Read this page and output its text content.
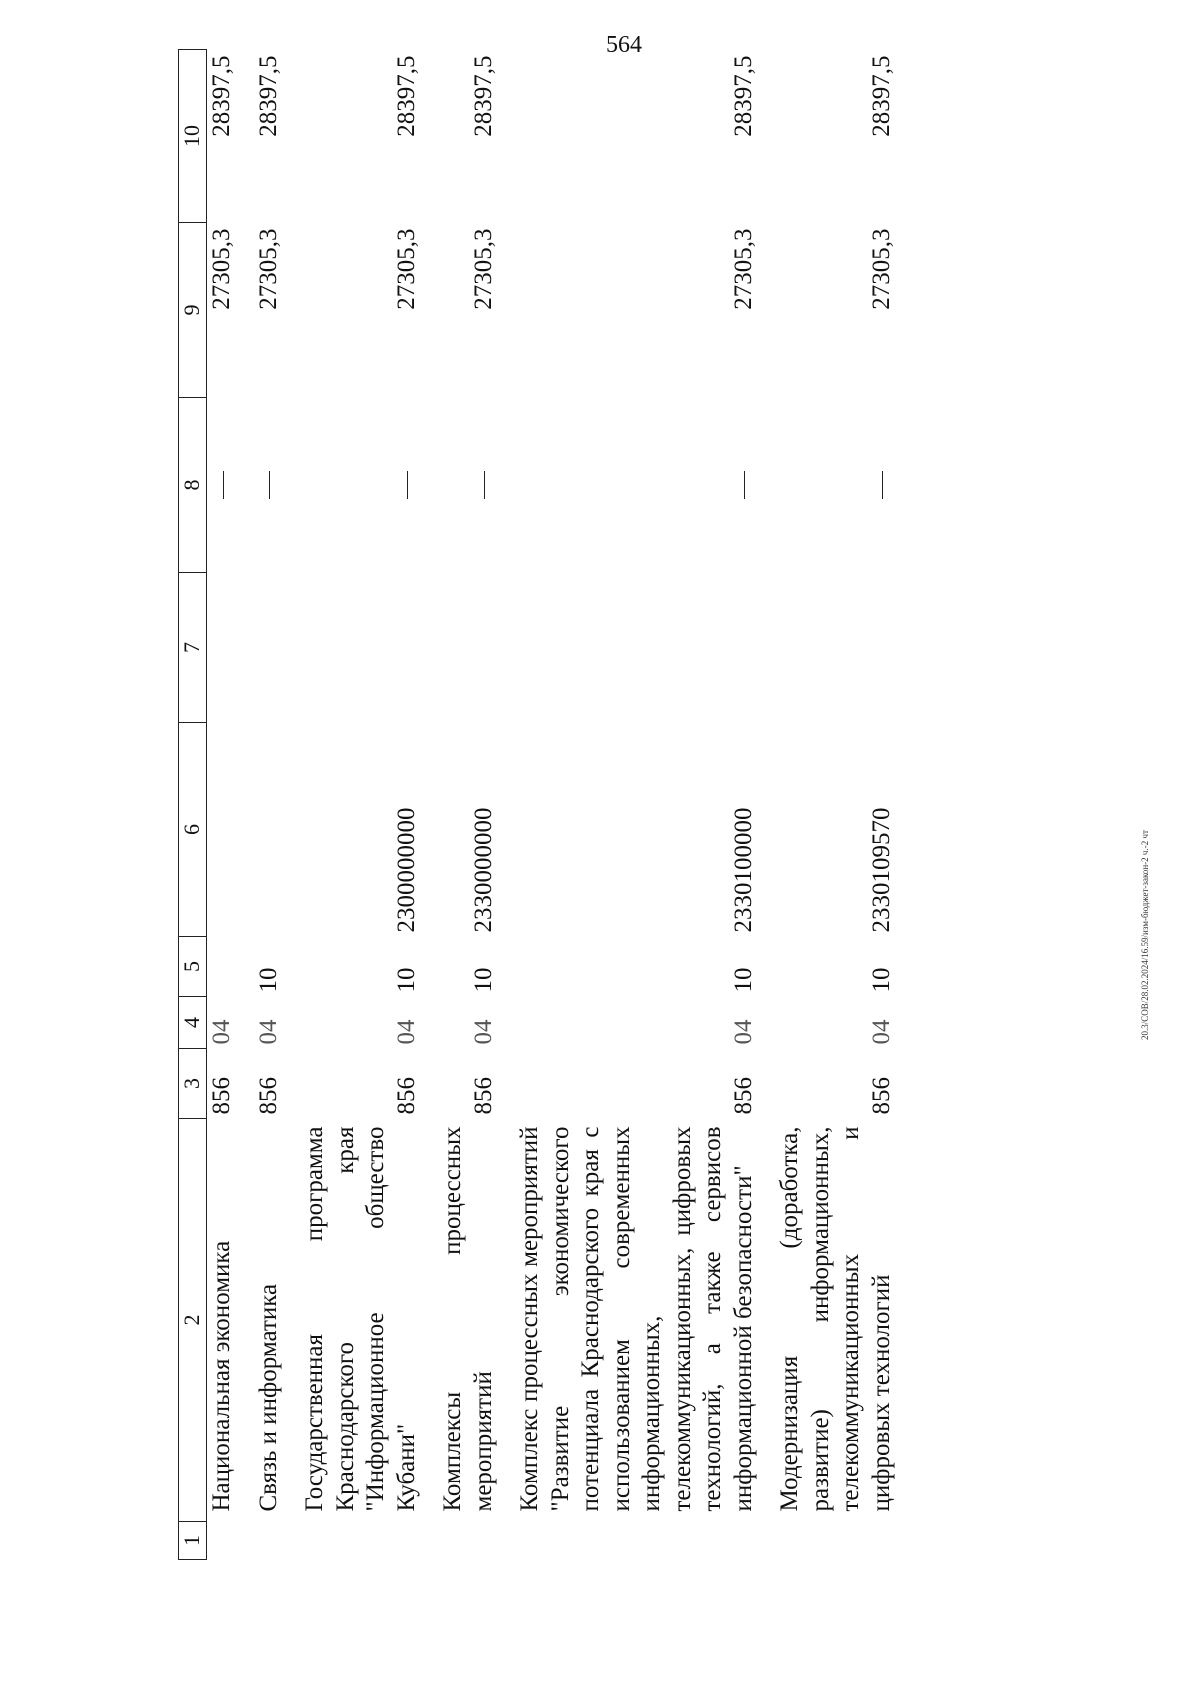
564
20.3/СОВ/28.02.2024/16.59/изм-бюджет-закон-2 ч.-2 чт
1	2	3	4	5	6	7	8	9	10
	Национальная экономика	856	04					27305,3	28397,5
	Связь и информатика	856	04	10				27305,3	28397,5
	Государственная программа Краснодарского края "Информационное общество Кубани"	856	04	10	2300000000			27305,3	28397,5
	Комплексы процессных мероприятий	856	04	10	2330000000			27305,3	28397,5
	Комплекс процессных мероприятий "Развитие экономического потенциала Краснодарского края с использованием современных информационных, телекоммуникационных, цифровых технологий, а также сервисов информационной безопасности"	856	04	10	2330100000			27305,3	28397,5
	Модернизация (доработка, развитие) информационных, телекоммуникационных и цифровых технологий	856	04	10	2330109570			27305,3	28397,5
